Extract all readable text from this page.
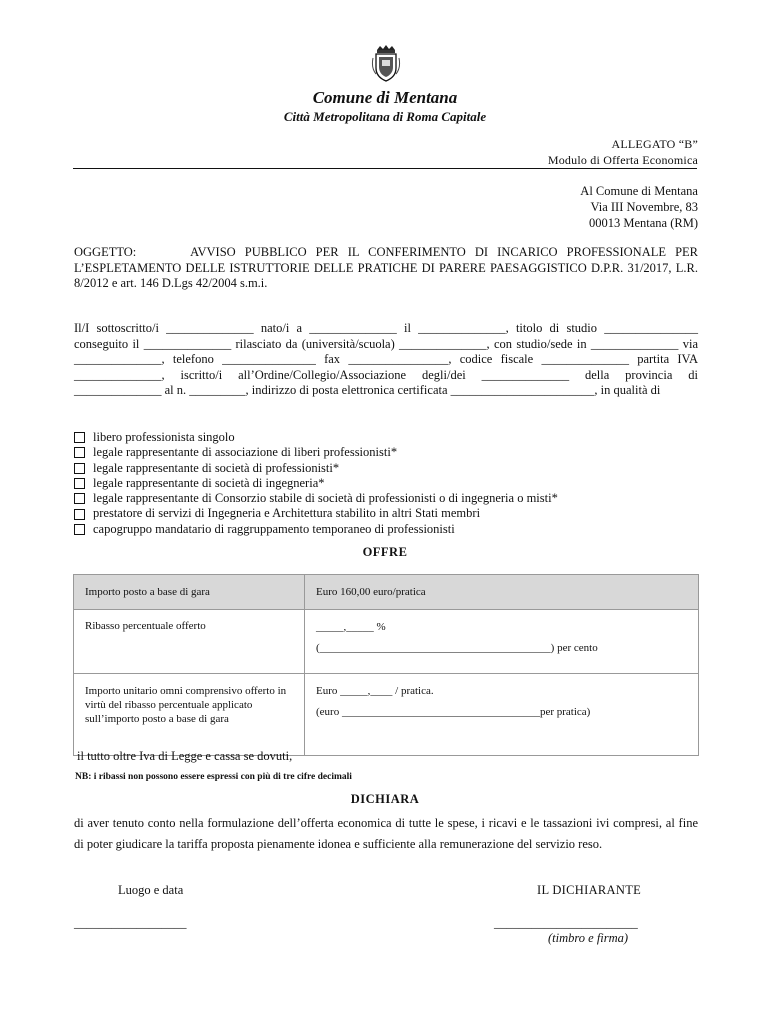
Comune di Mentana
Città Metropolitana di Roma Capitale
ALLEGATO “B”
Modulo di Offerta Economica
Al Comune di Mentana
Via III Novembre, 83
00013 Mentana (RM)
OGGETTO:      AVVISO PUBBLICO PER IL CONFERIMENTO DI INCARICO PROFESSIONALE PER L’ESPLETAMENTO DELLE ISTRUTTORIE DELLE PRATICHE DI PARERE PAESAGGISTICO D.P.R. 31/2017, L.R. 8/2012 e art. 146 D.Lgs 42/2004 s.m.i.
Il/I sottoscritto/i ______________ nato/i a ______________ il ______________, titolo di studio _______________ conseguito il ______________ rilasciato da (università/scuola) ______________, con studio/sede in ______________ via ______________, telefono _______________ fax ________________, codice fiscale ______________ partita IVA ______________, iscritto/i all’Ordine/Collegio/Associazione degli/dei ______________ della provincia di ______________ al n. _________, indirizzo di posta elettronica certificata _______________________, in qualità di
libero professionista singolo
legale rappresentante di associazione di liberi professionisti*
legale rappresentante di società di professionisti*
legale rappresentante di società di ingegneria*
legale rappresentante di Consorzio stabile di società di professionisti o di ingegneria o misti*
prestatore di servizi di Ingegneria e Architettura stabilito in altri Stati membri
capogruppo mandatario di raggruppamento temporaneo di professionisti
OFFRE
Importo posto a base di gara	Euro 160,00 euro/pratica
Ribasso percentuale offerto	_____,_____ %
(__________________________________________) per cento

Importo unitario omni comprensivo offerto in virtù del ribasso percentuale applicato sull’importo posto a base di gara	Euro _____,____ / pratica.
(euro ____________________________________per pratica)
il tutto oltre Iva di Legge e cassa se dovuti,
NB: i ribassi non possono essere espressi con più di tre cifre decimali
DICHIARA
di aver tenuto conto nella formulazione dell’offerta economica di tutte le spese, i ricavi e le tassazioni ivi compresi, al fine di poter giudicare la tariffa proposta pienamente idonea e sufficiente alla remunerazione del servizio reso.
Luogo e data	IL DICHIARANTE
__________________	_______________________
(timbro e firma)
